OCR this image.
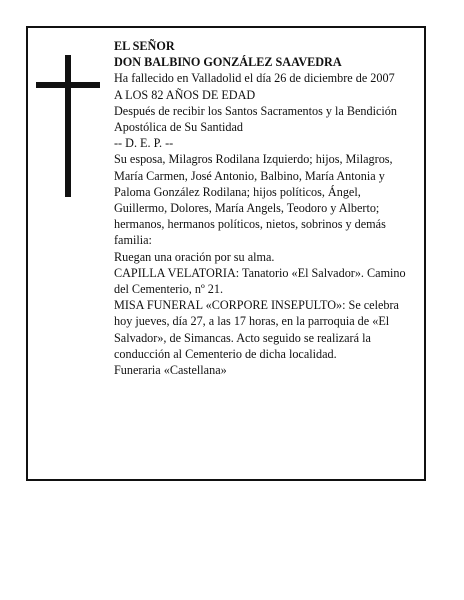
EL SEÑOR

DON BALBINO GONZÁLEZ SAAVEDRA

Ha fallecido en Valladolid el día 26 de diciembre de 2007

A LOS 82 AÑOS DE EDAD

Después de recibir los Santos Sacramentos y la Bendición Apostólica de Su Santidad

-- D. E. P. --

Su esposa, Milagros Rodilana Izquierdo; hijos, Milagros, María Carmen, José Antonio, Balbino, María Antonia y Paloma González Rodilana; hijos políticos, Ángel, Guillermo, Dolores, María Angels, Teodoro y Alberto; hermanos, hermanos políticos, nietos, sobrinos y demás familia:

Ruegan una oración por su alma.

CAPILLA VELATORIA: Tanatorio «El Salvador». Camino del Cementerio, nº 21.

MISA FUNERAL «CORPORE INSEPULTO»: Se celebra hoy jueves, día 27, a las 17 horas, en la parroquia de «El Salvador», de Simancas. Acto seguido se realizará la conducción al Cementerio de dicha localidad.

Funeraria «Castellana»
